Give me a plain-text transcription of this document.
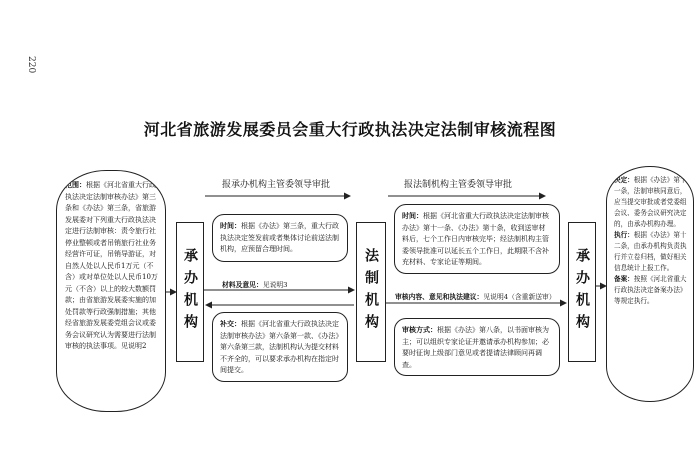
220
河北省旅游发展委员会重大行政执法决定法制审核流程图
范围：根据《河北省重大行政执法决定法制审核办法》第三条和《办法》第三条，省旅游发展委对下列重大行政执法决定进行法制审核：责令旅行社停业整顿或者吊销旅行社业务经营许可证，吊销导游证，对自然人处以人民币1万元（不含）或对单位处以人民币10万元（不含）以上的较大数额罚款；由省旅游发展委实施的加处罚款等行政强制措施；其他经省旅游发展委党组会议或委务会议研究认为需要进行法制审核的执法事项。见说明2
承办机构	法制机构	承办机构
报承办机构主管委领导审批	报法制机构主管委领导审批
时间：根据《办法》第三条，重大行政执法决定签发前或者集体讨论前送法制机构，应预留合理时间。
材料及意见：见说明3
补交：根据《河北省重大行政执法决定法制审核办法》第六条第一款、《办法》第六条第三款，法制机构认为提交材料不齐全的，可以要求承办机构在指定时间提交。
时间：根据《河北省重大行政执法决定法制审核办法》第十一条、《办法》第十条，收到送审材料后，七个工作日内审核完毕；经法制机构主管委领导批准可以延长五个工作日，此期限不含补充材料、专家论证等期间。
审核内容、意见和执法建议：见说明4（含重新送审）
审核方式：根据《办法》第八条，以书面审核为主；可以组织专家论证并邀请承办机构参加；必要时征询上级部门意见或者提请法律顾问再调查。
决定：根据《办法》第十一条，法制审核同意后，应当提交审批或者党委组会议、委务会议研究决定的，由承办机构办理。
执行：根据《办法》第十二条，由承办机构负责执行并立卷归档，做好相关信息统计上报工作。
备案：按照《河北省重大行政执法决定备案办法》等规定执行。
